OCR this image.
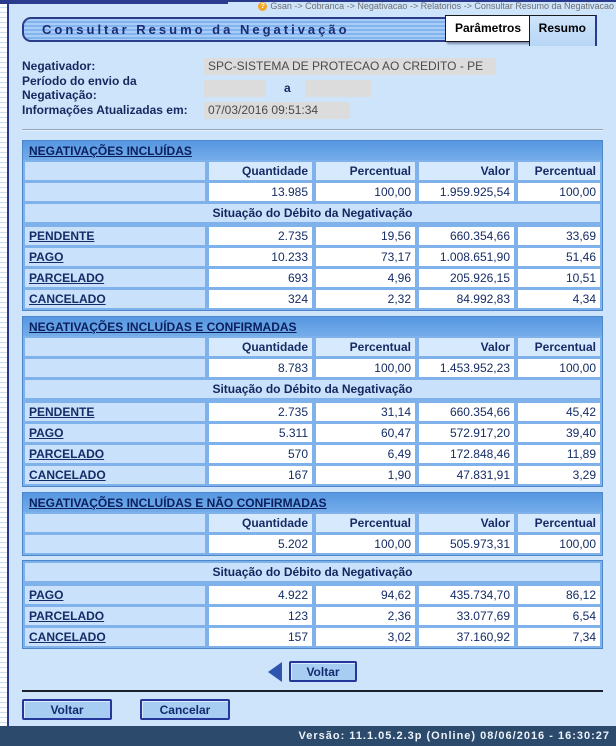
? Gsan -> Cobranca -> Negativacao -> Relatorios -> Consultar Resumo da Negativacao
Consultar Resumo da Negativação	Parâmetros	Resumo
Negativador:
SPC-SISTEMA DE PROTECAO AO CREDITO - PE
Período do envio da Negativação:	a
Informações Atualizadas em:
07/03/2016 09:51:34
NEGATIVAÇÕES INCLUÍDAS
Quantidade	Percentual	Valor	Percentual
13.985	100,00	1.959.925,54	100,00
Situação do Débito da Negativação
PENDENTE	2.735	19,56	660.354,66	33,69
PAGO	10.233	73,17	1.008.651,90	51,46
PARCELADO	693	4,96	205.926,15	10,51
CANCELADO	324	2,32	84.992,83	4,34
NEGATIVAÇÕES INCLUÍDAS E CONFIRMADAS
Quantidade	Percentual	Valor	Percentual
8.783	100,00	1.453.952,23	100,00
Situação do Débito da Negativação
PENDENTE	2.735	31,14	660.354,66	45,42
PAGO	5.311	60,47	572.917,20	39,40
PARCELADO	570	6,49	172.848,46	11,89
CANCELADO	167	1,90	47.831,91	3,29
NEGATIVAÇÕES INCLUÍDAS E NÃO CONFIRMADAS
Quantidade	Percentual	Valor	Percentual
5.202	100,00	505.973,31	100,00
Situação do Débito da Negativação
PAGO	4.922	94,62	435.734,70	86,12
PARCELADO	123	2,36	33.077,69	6,54
CANCELADO	157	3,02	37.160,92	7,34
Voltar
Voltar	Cancelar
Versão: 11.1.05.2.3p (Online) 08/06/2016 - 16:30:27
